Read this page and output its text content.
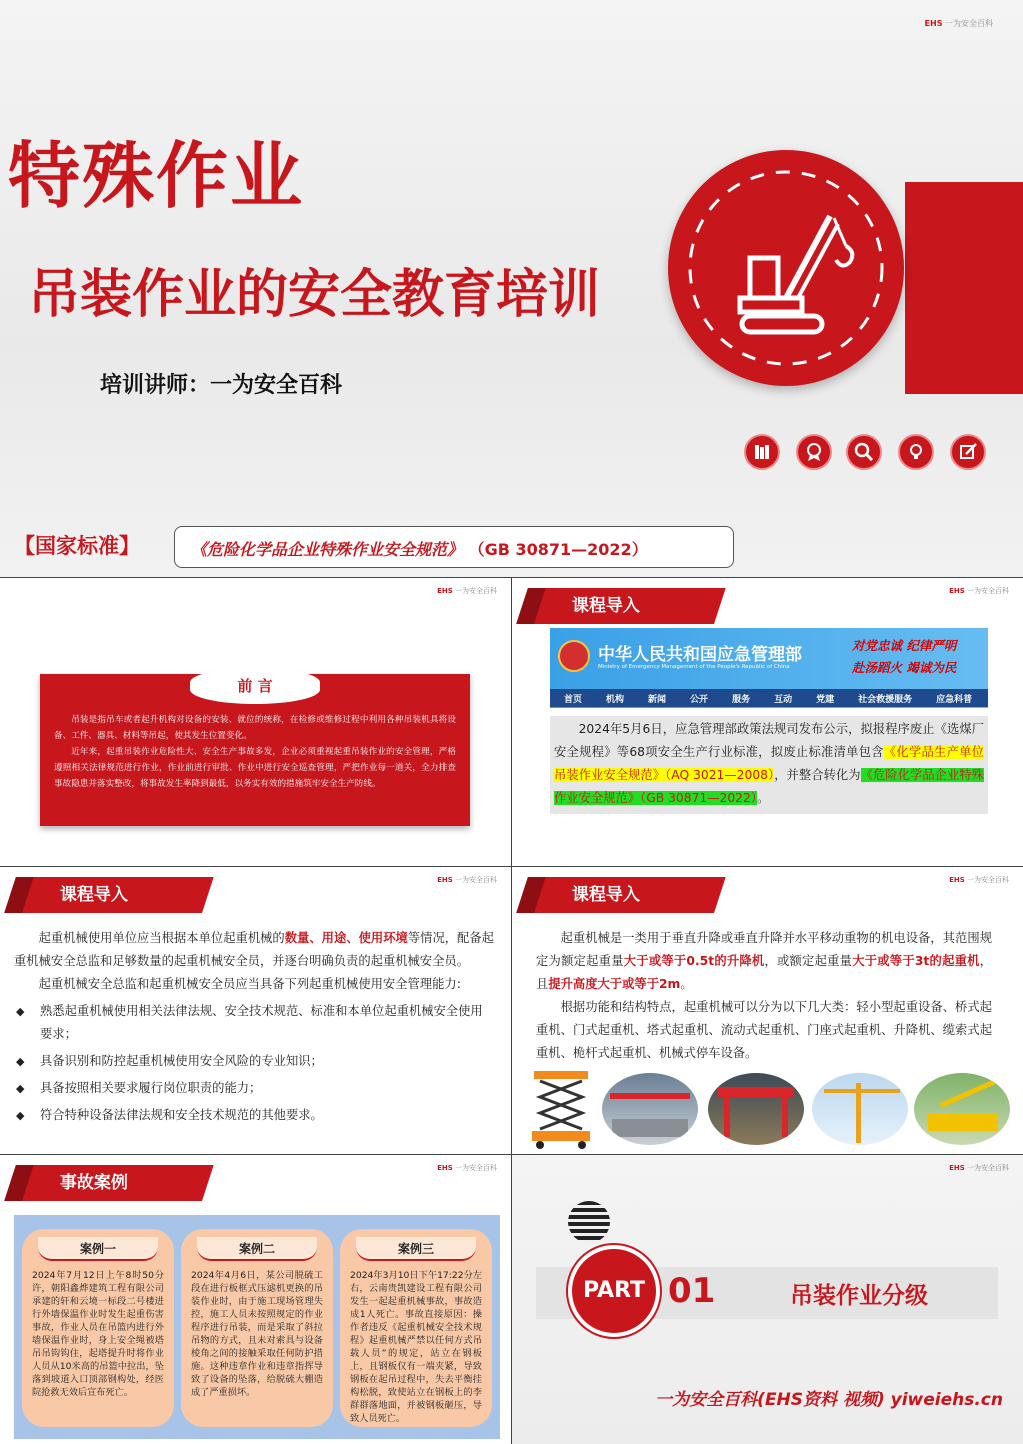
EHS 一为安全百科
特殊作业
吊装作业的安全教育培训
培训讲师：一为安全百科
【国家标准】	《危险化学品企业特殊作业安全规范》 （GB 30871—2022）
EHS 一为安全百科
前 言

吊装是指吊车或者起升机构对设备的安装、就位的统称，在检修或维修过程中利用各种吊装机具将设备、工件、器具、材料等吊起，使其发生位置变化。

近年来，起重吊装作业危险性大、安全生产事故多发，企业必须重视起重吊装作业的安全管理，严格遵照相关法律规范进行作业，作业前进行审批、作业中进行安全巡查管理，严把作业每一道关，全力排查事故隐患并落实整改，将事故发生率降到最低，以务实有效的措施筑牢安全生产防线。

课程导入
EHS 一为安全百科
中华人民共和国应急管理部
Ministry of Emergency Management of the People's Republic of China
对党忠诚 纪律严明
赴汤蹈火 竭诚为民
首页	机构	新闻	公开	服务	互动	党建	社会救援服务	应急科普
2024年5月6日，应急管理部政策法规司发布公示，拟报程序废止《选煤厂安全规程》等68项安全生产行业标准，拟废止标准清单包含《化学品生产单位吊装作业安全规范》（AQ 3021—2008），并整合转化为《危险化学品企业特殊作业安全规范》（GB 30871—2022）。
课程导入
EHS 一为安全百科

起重机械使用单位应当根据本单位起重机械的数量、用途、使用环境等情况，配备起重机械安全总监和足够数量的起重机械安全员，并逐台明确负责的起重机械安全员。

起重机械安全总监和起重机械安全员应当具备下列起重机械使用安全管理能力:

◆ 熟悉起重机械使用相关法律法规、安全技术规范、标准和本单位起重机械安全使用要求；
◆ 具备识别和防控起重机械使用安全风险的专业知识；
◆ 具备按照相关要求履行岗位职责的能力；
◆ 符合特种设备法律法规和安全技术规范的其他要求。
课程导入
EHS 一为安全百科

起重机械是一类用于垂直升降或垂直升降并水平移动重物的机电设备，其范围规定为额定起重量大于或等于0.5t的升降机，或额定起重量大于或等于3t的起重机，且提升高度大于或等于2m。

根据功能和结构特点，起重机械可以分为以下几大类：轻小型起重设备、桥式起重机、门式起重机、塔式起重机、流动式起重机、门座式起重机、升降机、缆索式起重机、桅杆式起重机、机械式停车设备。

事故案例
EHS 一为安全百科
案例一
2024年7月12日上午8时50分许，朝阳鑫烨建筑工程有限公司承建的轩和云境一标段二号楼进行外墙保温作业时发生起重伤害事故，作业人员在吊篮内进行外墙保温作业时，身上安全绳被塔吊吊钩钩住，起塔提升时将作业人员从10米高的吊篮中拉出，坠落到坡道入口顶部钢构处，经医院抢救无效后宣布死亡。
案例二
2024年4月6日，某公司脱硫工段在进行板框式压滤机更换的吊装作业时，由于施工现场管理失控，施工人员未按照规定的作业程序进行吊装，而是采取了斜拉吊物的方式，且未对索具与设备棱角之间的接触采取任何防护措施。这种违章作业和违章指挥导致了设备的坠落，给脱硫大棚造成了严重损坏。
案例三
2024年3月10日下午17:22分左右，云南贵凯建设工程有限公司发生一起起重机械事故，事故造成1人死亡。事故直接原因：操作者违反《起重机械安全技术规程》起重机械严禁以任何方式吊载人员”的规定，站立在钢板上，且钢板仅有一端夹紧，导致钢板在起吊过程中，失去平衡挂构松脱，致使站立在钢板上的李群群落地面，并被钢板砸压，导致人员死亡。
EHS 一为安全百科
PART 01	吊装作业分级
一为安全百科(EHS资料 视频) yiweiehs.cn
